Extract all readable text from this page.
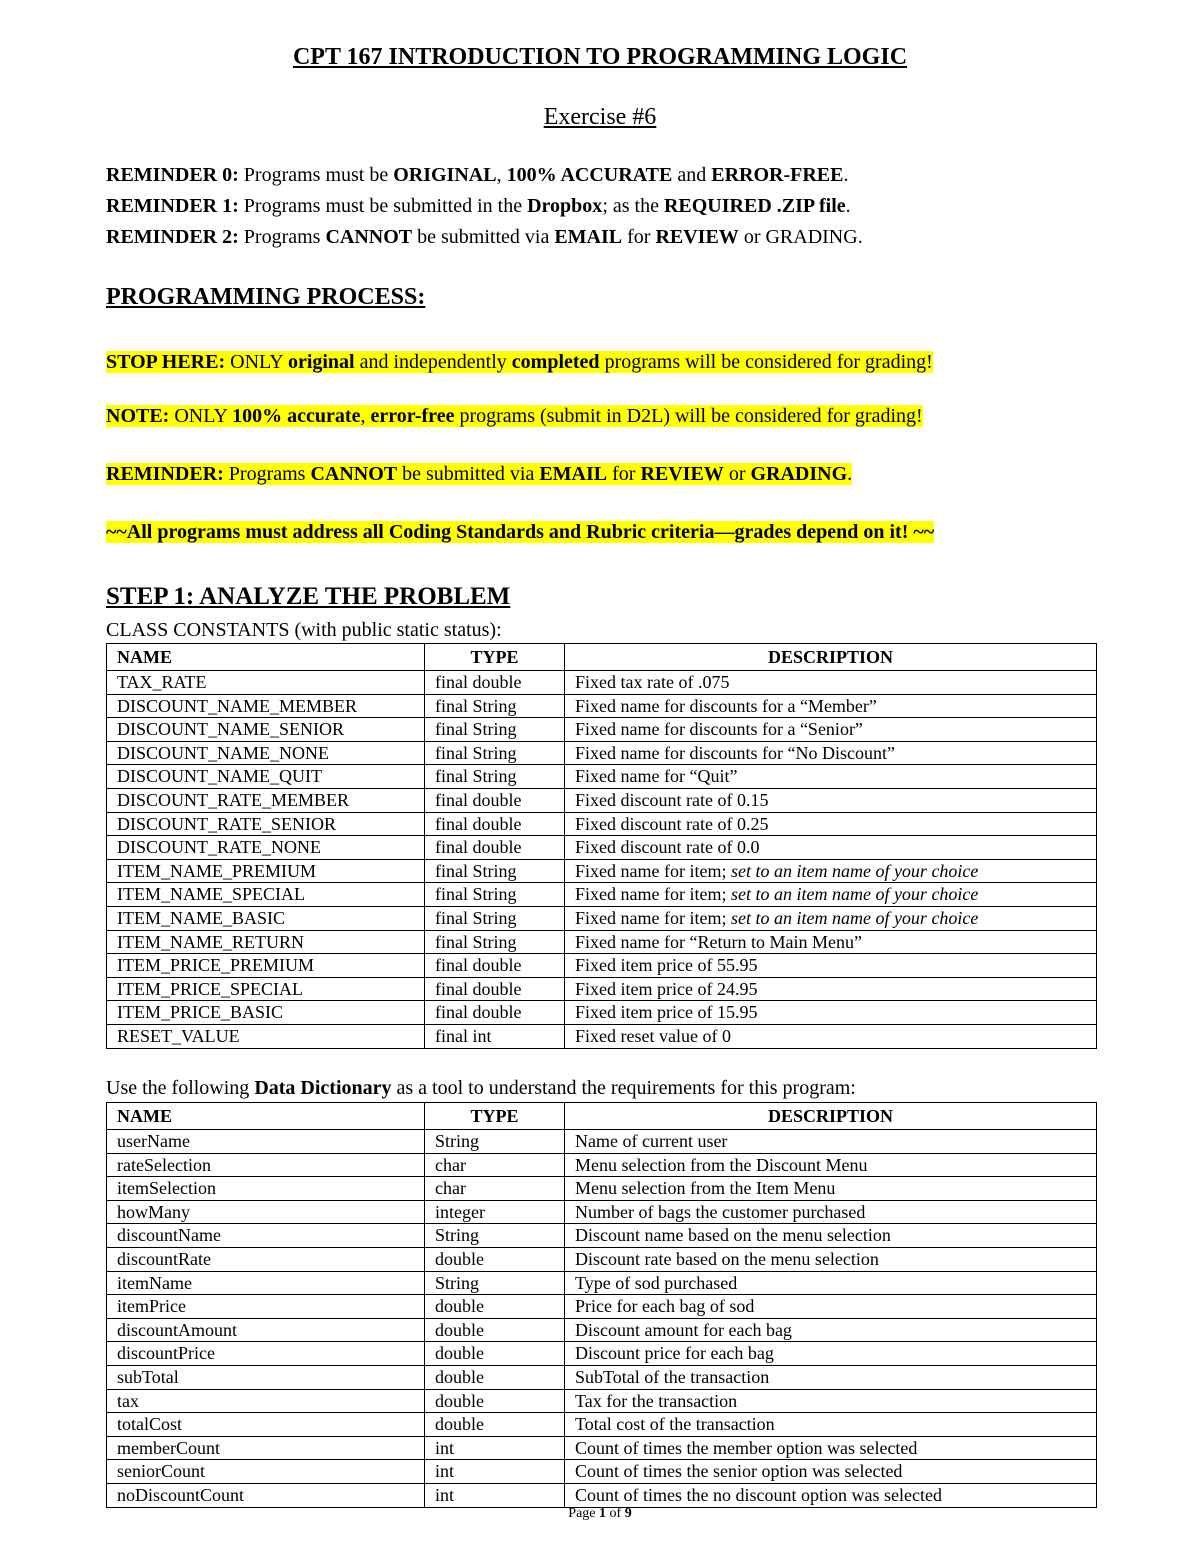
CPT 167 INTRODUCTION TO PROGRAMMING LOGIC
Exercise #6
REMINDER 0: Programs must be ORIGINAL, 100% ACCURATE and ERROR-FREE.
REMINDER 1: Programs must be submitted in the Dropbox; as the REQUIRED .ZIP file.
REMINDER 2: Programs CANNOT be submitted via EMAIL for REVIEW or GRADING.
PROGRAMMING PROCESS:
STOP HERE: ONLY original and independently completed programs will be considered for grading!
NOTE: ONLY 100% accurate, error-free programs (submit in D2L) will be considered for grading!
REMINDER: Programs CANNOT be submitted via EMAIL for REVIEW or GRADING.
~~All programs must address all Coding Standards and Rubric criteria—grades depend on it! ~~
STEP 1: ANALYZE THE PROBLEM
CLASS CONSTANTS (with public static status):
NAME	TYPE	DESCRIPTION
TAX_RATE	final double	Fixed tax rate of .075
DISCOUNT_NAME_MEMBER	final String	Fixed name for discounts for a “Member”
DISCOUNT_NAME_SENIOR	final String	Fixed name for discounts for a “Senior”
DISCOUNT_NAME_NONE	final String	Fixed name for discounts for “No Discount”
DISCOUNT_NAME_QUIT	final String	Fixed name for “Quit”
DISCOUNT_RATE_MEMBER	final double	Fixed discount rate of 0.15
DISCOUNT_RATE_SENIOR	final double	Fixed discount rate of 0.25
DISCOUNT_RATE_NONE	final double	Fixed discount rate of 0.0
ITEM_NAME_PREMIUM	final String	Fixed name for item; set to an item name of your choice
ITEM_NAME_SPECIAL	final String	Fixed name for item; set to an item name of your choice
ITEM_NAME_BASIC	final String	Fixed name for item; set to an item name of your choice
ITEM_NAME_RETURN	final String	Fixed name for “Return to Main Menu”
ITEM_PRICE_PREMIUM	final double	Fixed item price of 55.95
ITEM_PRICE_SPECIAL	final double	Fixed item price of 24.95
ITEM_PRICE_BASIC	final double	Fixed item price of 15.95
RESET_VALUE	final int	Fixed reset value of 0
Use the following Data Dictionary as a tool to understand the requirements for this program:
NAME	TYPE	DESCRIPTION
userName	String	Name of current user
rateSelection	char	Menu selection from the Discount Menu
itemSelection	char	Menu selection from the Item Menu
howMany	integer	Number of bags the customer purchased
discountName	String	Discount name based on the menu selection
discountRate	double	Discount rate based on the menu selection
itemName	String	Type of sod purchased
itemPrice	double	Price for each bag of sod
discountAmount	double	Discount amount for each bag
discountPrice	double	Discount price for each bag
subTotal	double	SubTotal of the transaction
tax	double	Tax for the transaction
totalCost	double	Total cost of the transaction
memberCount	int	Count of times the member option was selected
seniorCount	int	Count of times the senior option was selected
noDiscountCount	int	Count of times the no discount option was selected
Page 1 of 9
